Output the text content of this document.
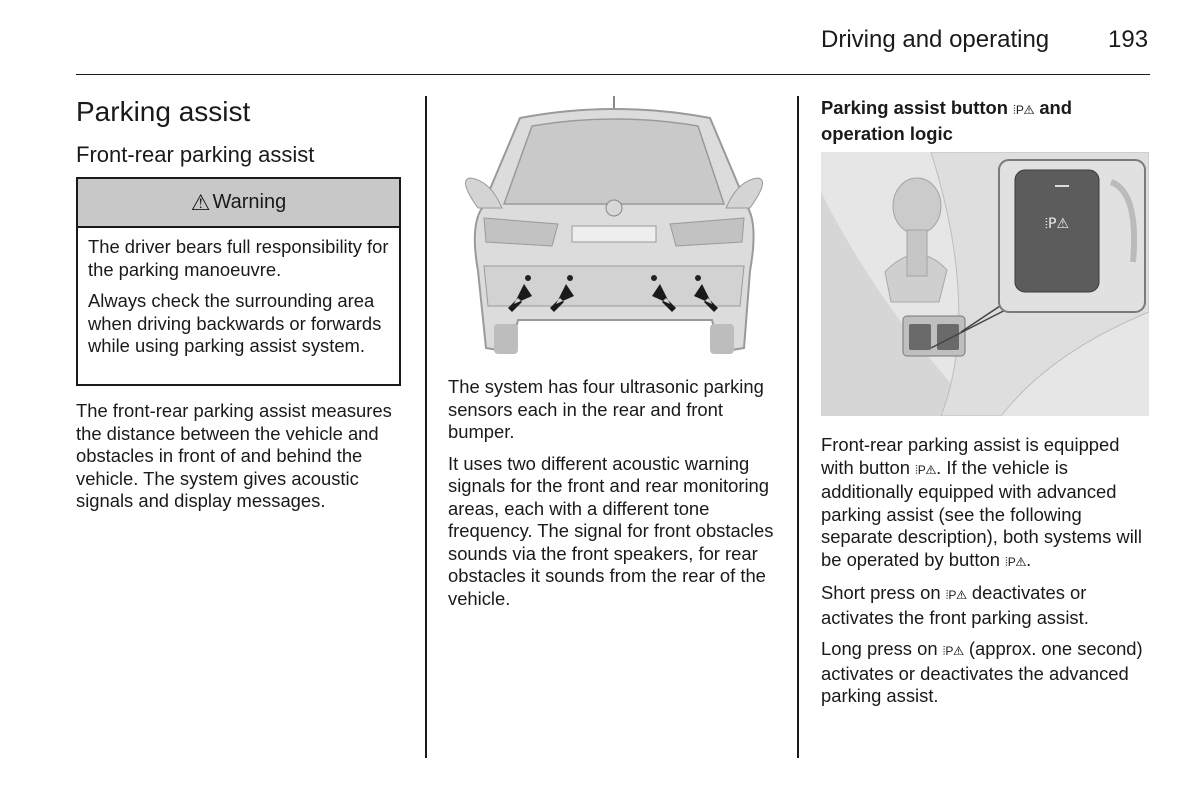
Driving and operating 193
Parking assist
Front-rear parking assist
⚠ Warning

The driver bears full responsibility for the parking manoeuvre.

Always check the surrounding area when driving backwards or forwards while using parking assist system.

The front-rear parking assist measures the distance between the vehicle and obstacles in front of and behind the vehicle. The system gives acoustic signals and display messages.

The system has four ultrasonic parking sensors each in the rear and front bumper.

It uses two different acoustic warning signals for the front and rear monitoring areas, each with a different tone frequency. The signal for front obstacles sounds via the front speakers, for rear obstacles it sounds from the rear of the vehicle.

Parking assist button ⦙P⚠ and operation logic
⦙P⚠

Front-rear parking assist is equipped with button ⦙P⚠. If the vehicle is additionally equipped with advanced parking assist (see the following separate description), both systems will be operated by button ⦙P⚠.

Short press on ⦙P⚠ deactivates or activates the front parking assist.

Long press on ⦙P⚠ (approx. one second) activates or deactivates the advanced parking assist.
